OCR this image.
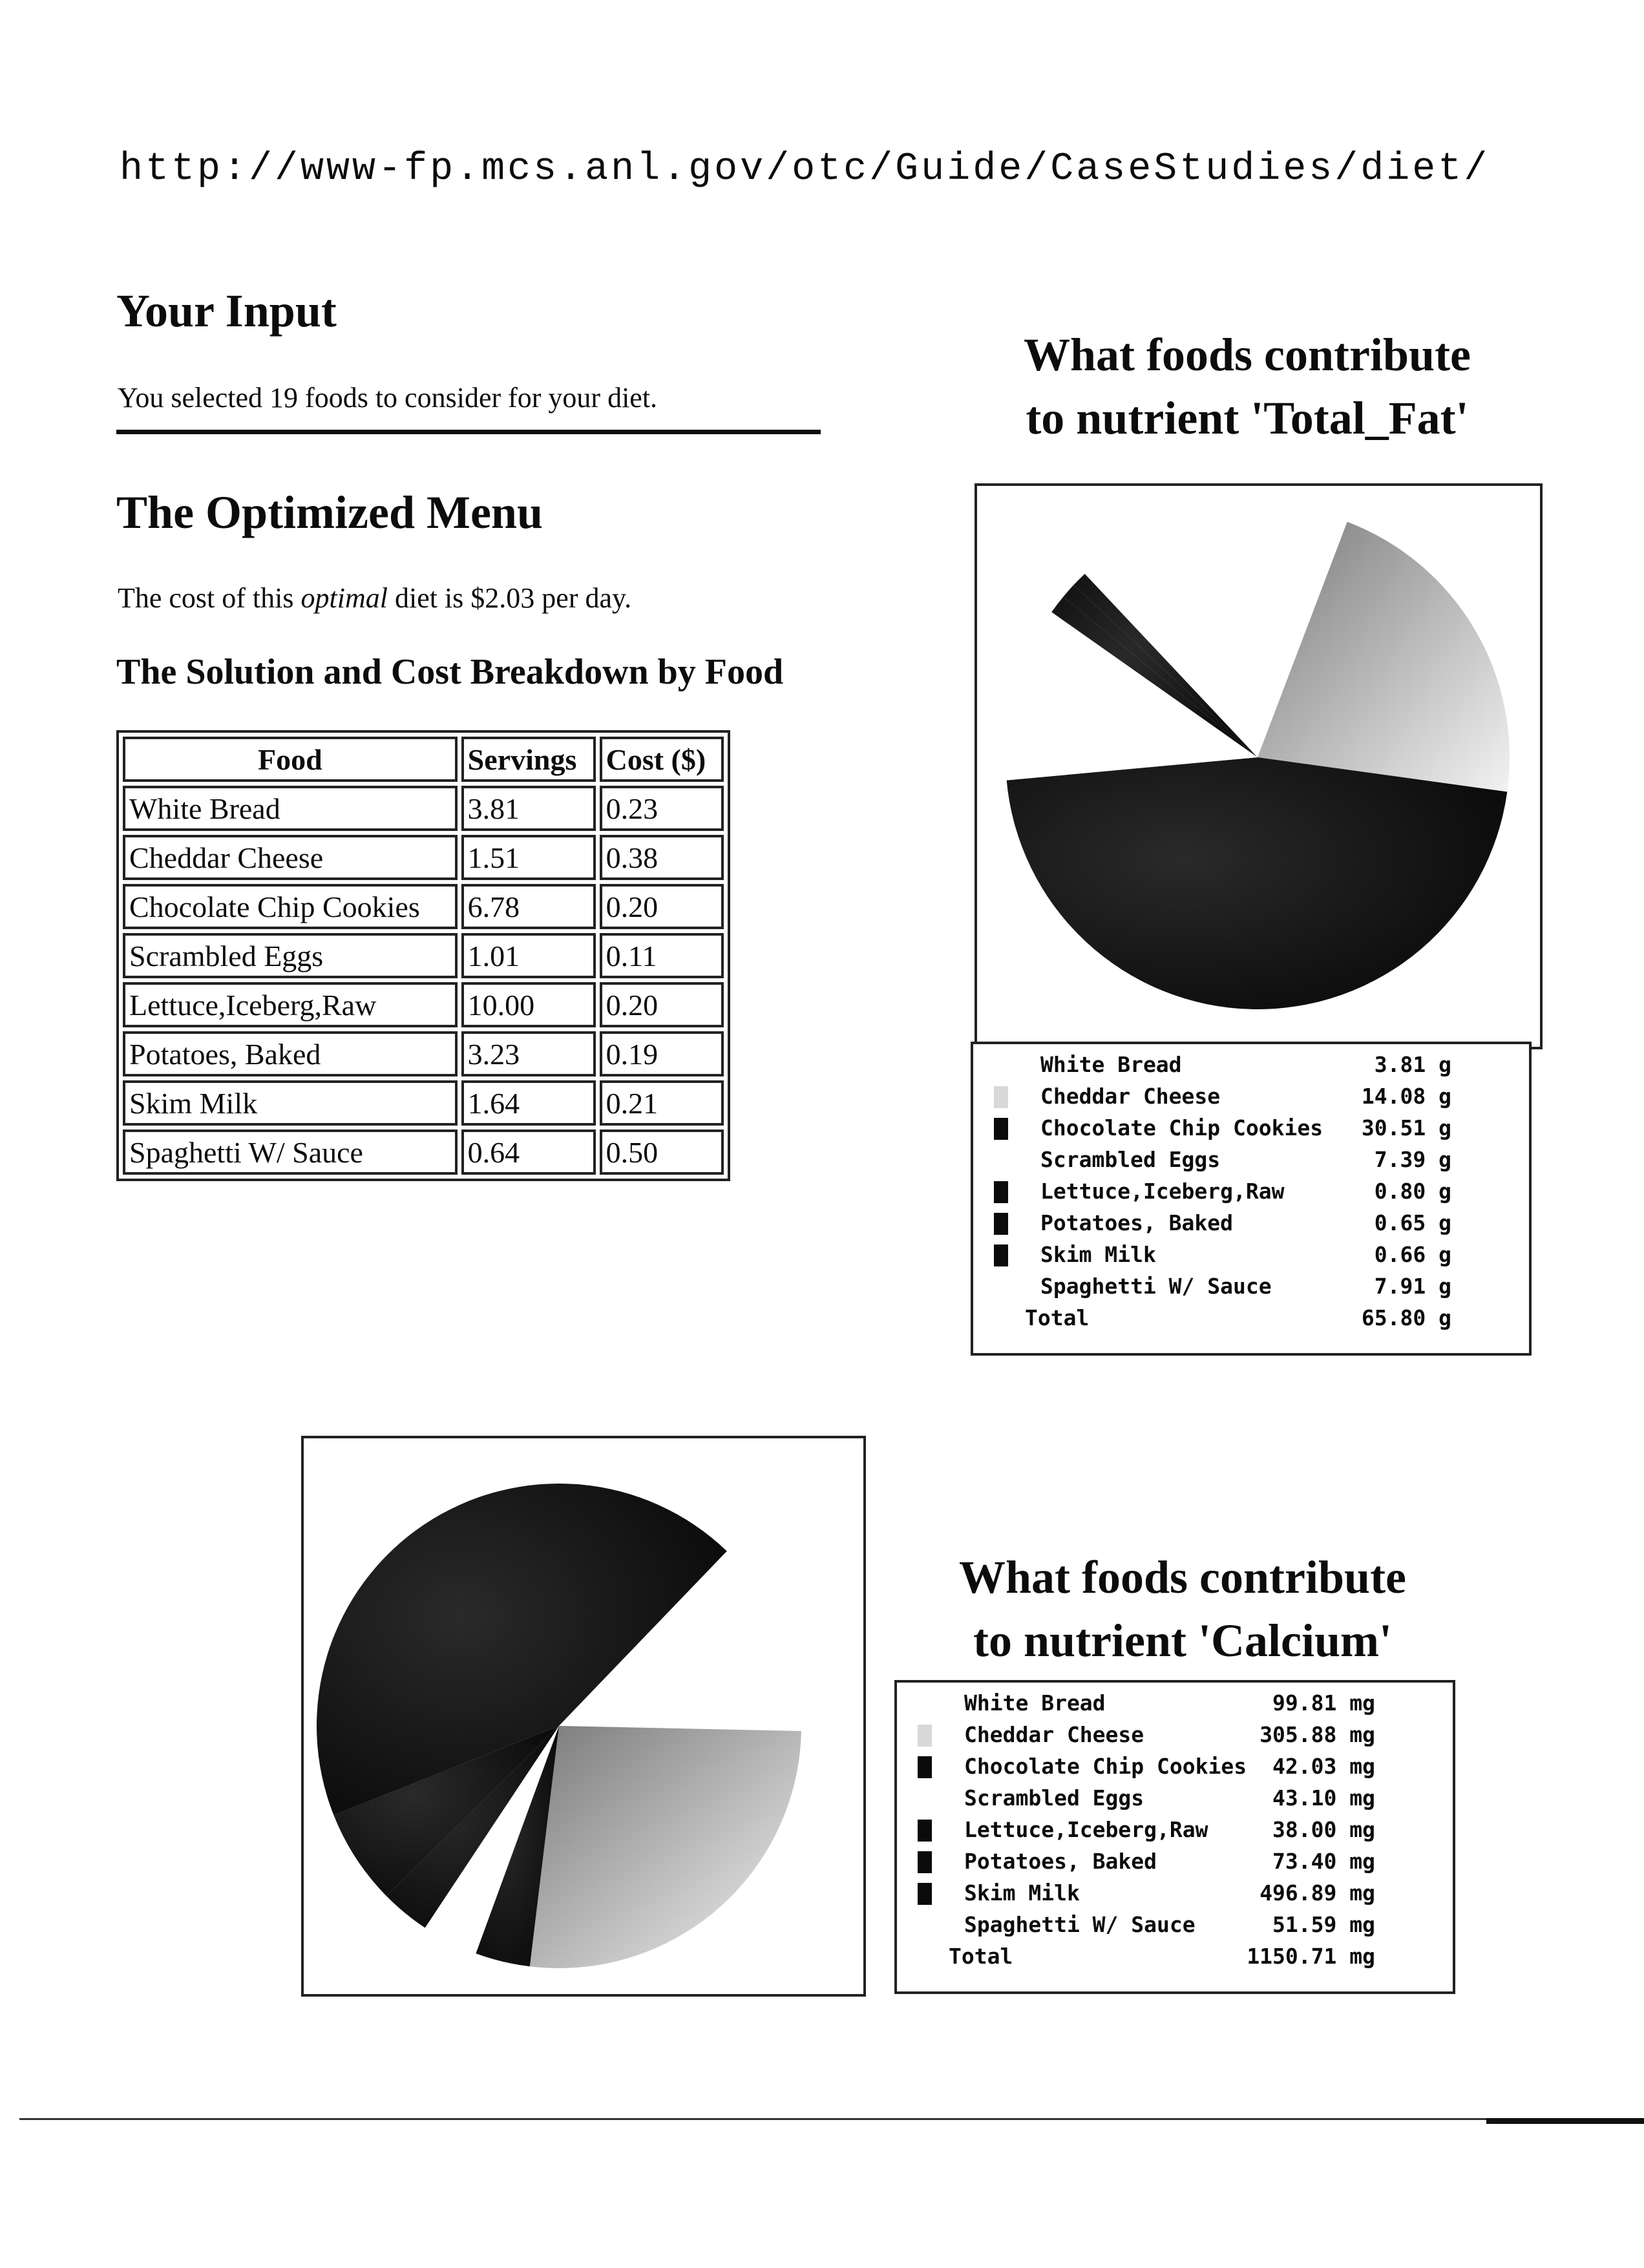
http://www-fp.mcs.anl.gov/otc/Guide/CaseStudies/diet/
Your Input

You selected 19 foods to consider for your diet.

The Optimized Menu

The cost of this optimal diet is $2.03 per day.

The Solution and Cost Breakdown by Food
Food	Servings	Cost ($)
White Bread	3.81	0.23
Cheddar Cheese	1.51	0.38
Chocolate Chip Cookies	6.78	0.20
Scrambled Eggs	1.01	0.11
Lettuce,Iceberg,Raw	10.00	0.20
Potatoes, Baked	3.23	0.19
Skim Milk	1.64	0.21
Spaghetti W/ Sauce	0.64	0.50
What foods contribute
to nutrient 'Total_Fat'
White Bread	3.81 g
Cheddar Cheese	14.08 g
Chocolate Chip Cookies	30.51 g
Scrambled Eggs	7.39 g
Lettuce,Iceberg,Raw	0.80 g
Potatoes, Baked	0.65 g
Skim Milk	0.66 g
Spaghetti W/ Sauce	7.91 g
Total	65.80 g
What foods contribute
to nutrient 'Calcium'
White Bread	99.81 mg
Cheddar Cheese	305.88 mg
Chocolate Chip Cookies	42.03 mg
Scrambled Eggs	43.10 mg
Lettuce,Iceberg,Raw	38.00 mg
Potatoes, Baked	73.40 mg
Skim Milk	496.89 mg
Spaghetti W/ Sauce	51.59 mg
Total	1150.71 mg
